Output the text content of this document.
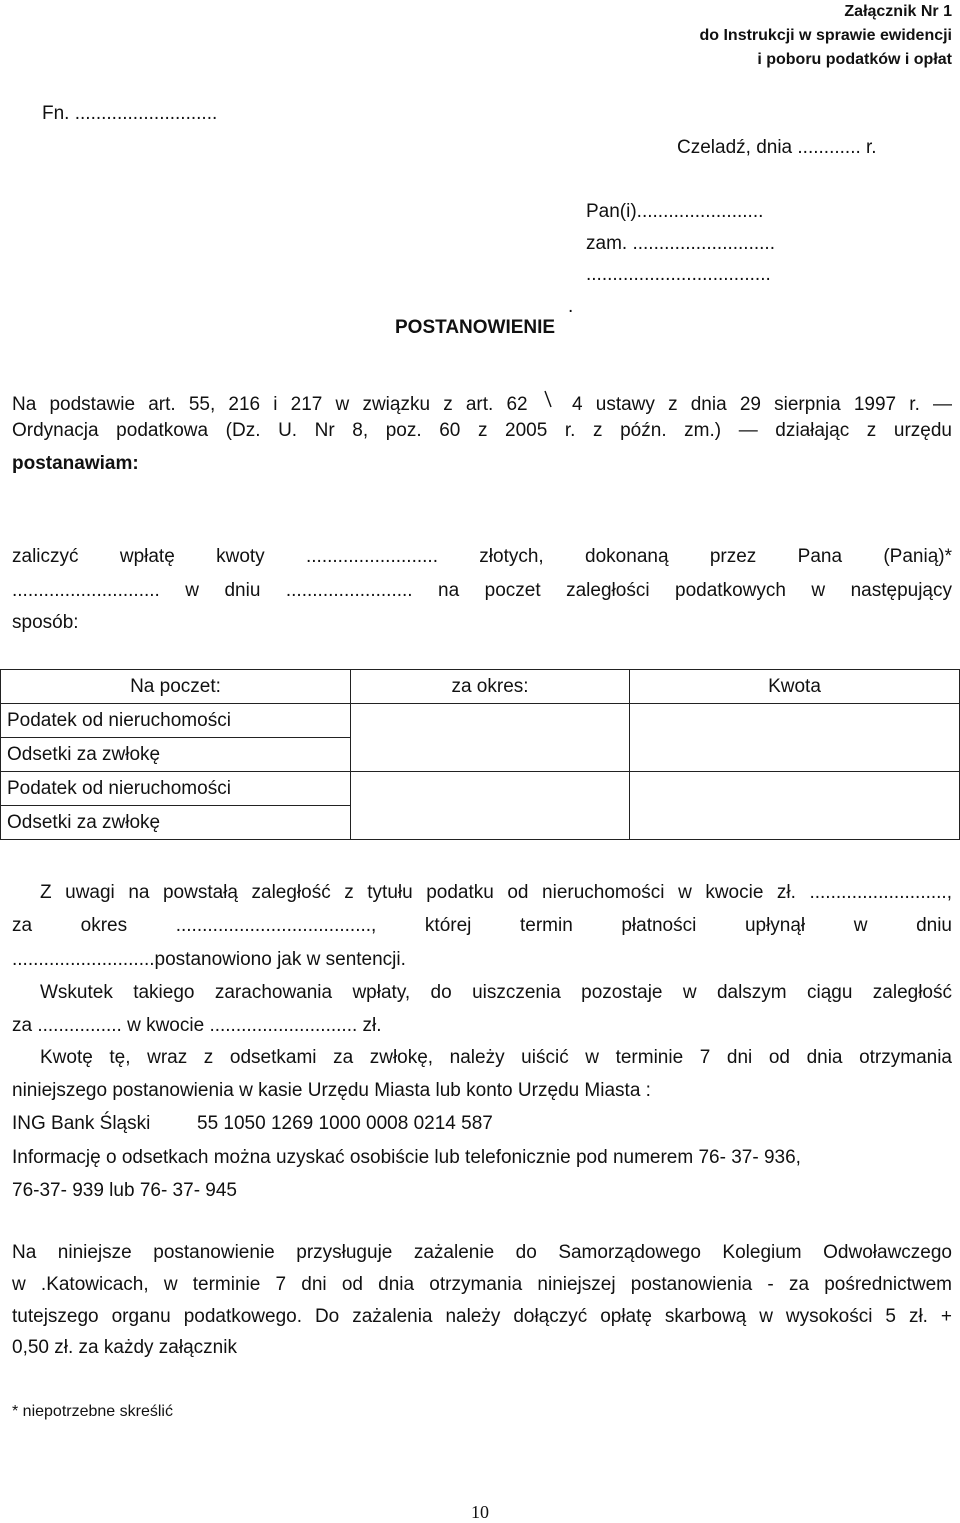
Załącznik Nr 1
do Instrukcji w sprawie ewidencji
i poboru podatków i opłat
Fn. ...........................
Czeladź, dnia ............ r.
Pan(i)........................
zam. ...........................
...................................
.
POSTANOWIENIE
Na podstawie art. 55, 216 i 217 w związku z art. 62 4 ustawy z dnia 29 sierpnia 1997 r. —
Ordynacja podatkowa (Dz. U. Nr 8, poz. 60 z 2005 r. z późn. zm.) — działając z urzędu
postanawiam:
zaliczyć wpłatę kwoty ......................... złotych, dokonaną przez Pana (Panią)*
............................ w dniu ........................ na poczet zaległości podatkowych w następujący
sposób:
Na poczet:	za okres:	Kwota
Podatek od nieruchomości		
Odsetki za zwłokę		
Podatek od nieruchomości		
Odsetki za zwłokę		
Z uwagi na powstałą zaległość z tytułu podatku od nieruchomości w kwocie zł. ..........................,
za okres ....................................., której termin płatności upłynął w dniu
...........................postanowiono jak w sentencji.
Wskutek takiego zarachowania wpłaty, do uiszczenia pozostaje w dalszym ciągu zaległość
za ................ w kwocie ............................ zł.
Kwotę tę, wraz z odsetkami za zwłokę, należy uiścić w terminie 7 dni od dnia otrzymania
niniejszego postanowienia w kasie Urzędu Miasta lub konto Urzędu Miasta :
ING Bank Śląski 55 1050 1269 1000 0008 0214 587
Informację o odsetkach można uzyskać osobiście lub telefonicznie pod numerem 76- 37- 936,
76-37- 939 lub 76- 37- 945
Na niniejsze postanowienie przysługuje zażalenie do Samorządowego Kolegium Odwoławczego
w .Katowicach, w terminie 7 dni od dnia otrzymania niniejszej postanowienia - za pośrednictwem
tutejszego organu podatkowego. Do zażalenia należy dołączyć opłatę skarbową w wysokości 5 zł. +
0,50 zł. za każdy załącznik
* niepotrzebne skreślić
10
